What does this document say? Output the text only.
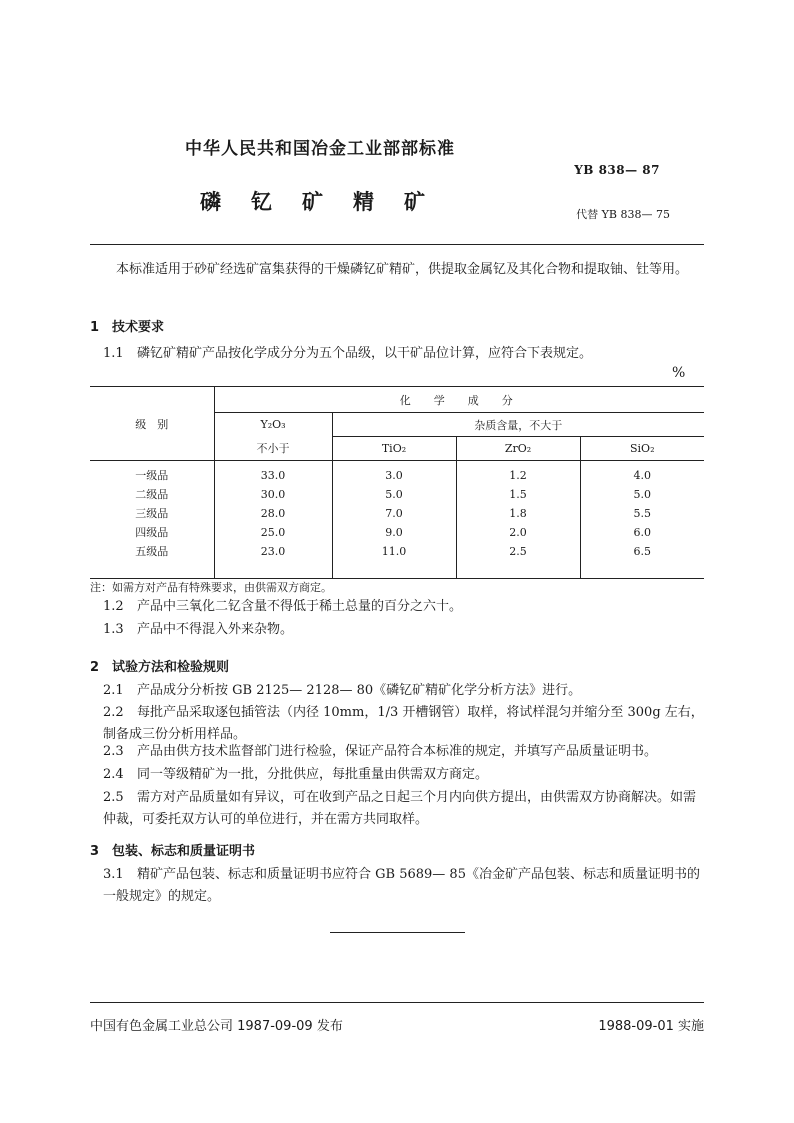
中华人民共和国冶金工业部部标准
YB 838— 87
磷钇矿精矿
代替 YB 838— 75
本标准适用于砂矿经选矿富集获得的干燥磷钇矿精矿，供提取金属钇及其化合物和提取铀、钍等用。
1 技术要求
1.1 磷钇矿精矿产品按化学成分分为五个品级，以干矿品位计算，应符合下表规定。
%
级　别	化　学　成　分			
	Y₂O₃	杂质含量，不大于		
	不小于	TiO₂	ZrO₂	SiO₂

一级品	33.0	3.0	1.2	4.0
二级品	30.0	5.0	1.5	5.0
三级品	28.0	7.0	1.8	5.5
四级品	25.0	9.0	2.0	6.0
五级品	23.0	11.0	2.5	6.5

注：如需方对产品有特殊要求，由供需双方商定。
1.2 产品中三氧化二钇含量不得低于稀土总量的百分之六十。
1.3 产品中不得混入外来杂物。
2 试验方法和检验规则
2.1 产品成分分析按 GB 2125— 2128— 80《磷钇矿精矿化学分析方法》进行。
2.2 每批产品采取逐包插管法（内径 10mm，1/3 开槽钢管）取样，将试样混匀并缩分至 300g 左右，制备成三份分析用样品。
2.3 产品由供方技术监督部门进行检验，保证产品符合本标准的规定，并填写产品质量证明书。
2.4 同一等级精矿为一批，分批供应，每批重量由供需双方商定。
2.5 需方对产品质量如有异议，可在收到产品之日起三个月内向供方提出，由供需双方协商解决。如需仲裁，可委托双方认可的单位进行，并在需方共同取样。
3 包装、标志和质量证明书
3.1 精矿产品包装、标志和质量证明书应符合 GB 5689— 85《冶金矿产品包装、标志和质量证明书的一般规定》的规定。
中国有色金属工业总公司 1987-09-09 发布	1988-09-01 实施
